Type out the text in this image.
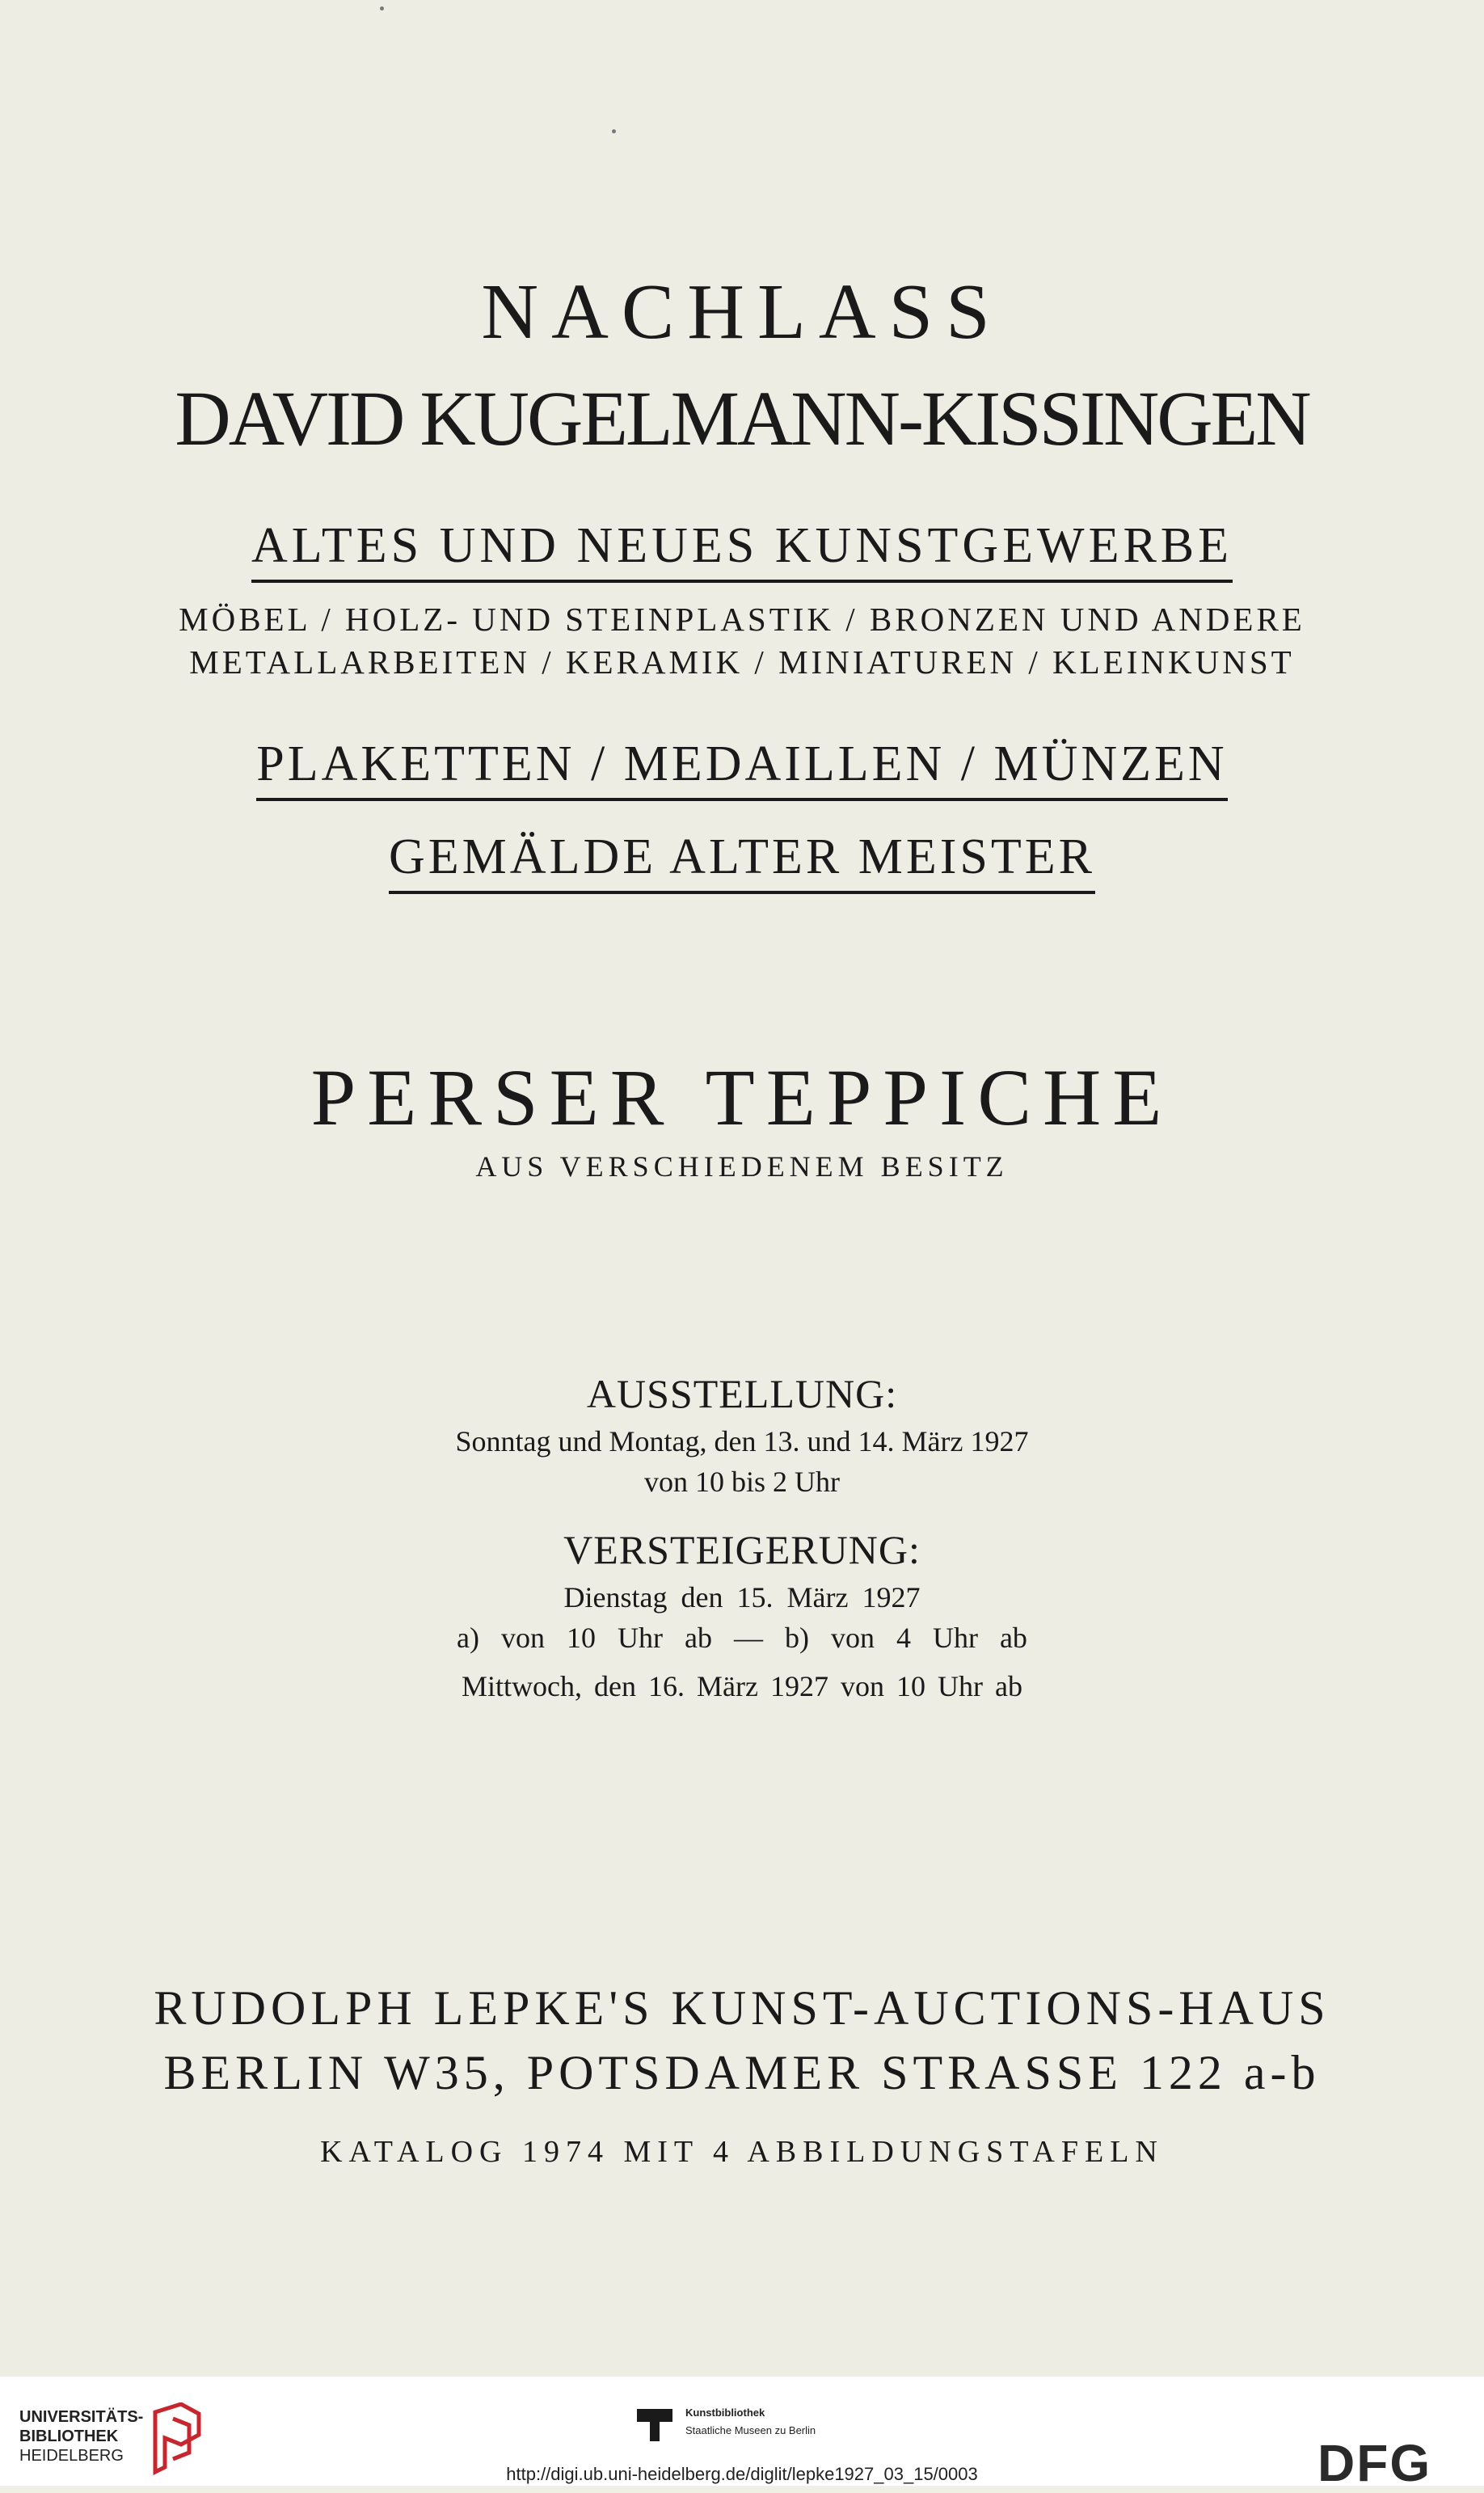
NACHLASS
DAVID KUGELMANN-KISSINGEN
ALTES UND NEUES KUNSTGEWERBE
MÖBEL / HOLZ- UND STEINPLASTIK / BRONZEN UND ANDERE
METALLARBEITEN / KERAMIK / MINIATUREN / KLEINKUNST
PLAKETTEN / MEDAILLEN / MÜNZEN
GEMÄLDE ALTER MEISTER
PERSER TEPPICHE
AUS VERSCHIEDENEM BESITZ
AUSSTELLUNG:
Sonntag und Montag, den 13. und 14. März 1927
von 10 bis 2 Uhr
VERSTEIGERUNG:
Dienstag den 15. März 1927
a) von 10 Uhr ab — b) von 4 Uhr ab
Mittwoch, den 16. März 1927 von 10 Uhr ab
RUDOLPH LEPKE'S KUNST-AUCTIONS-HAUS
BERLIN W35, POTSDAMER STRASSE 122 a-b
KATALOG 1974 MIT 4 ABBILDUNGSTAFELN
UNIVERSITÄTS-
BIBLIOTHEK
HEIDELBERG
Kunstbibliothek
Staatliche Museen zu Berlin
DFG
http://digi.ub.uni-heidelberg.de/diglit/lepke1927_03_15/0003
